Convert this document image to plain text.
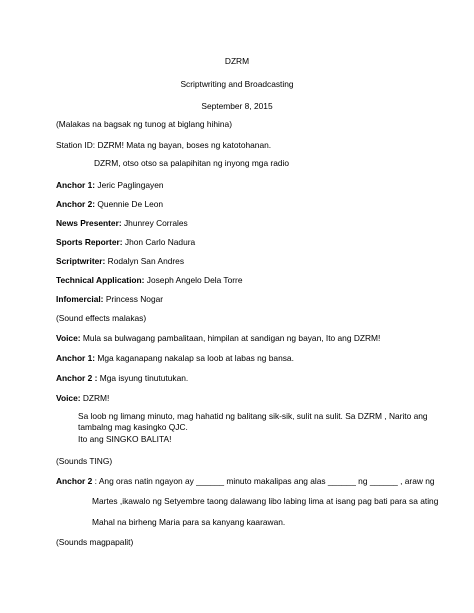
DZRM
Scriptwriting and Broadcasting
September 8, 2015
(Malakas na bagsak ng tunog at biglang hihina)
Station ID: DZRM! Mata ng bayan, boses ng katotohanan.
DZRM, otso otso sa palapihitan ng inyong mga radio
Anchor 1: Jeric Paglingayen
Anchor 2: Quennie De Leon
News Presenter: Jhunrey Corrales
Sports Reporter: Jhon Carlo Nadura
Scriptwriter: Rodalyn San Andres
Technical Application: Joseph Angelo Dela Torre
Infomercial: Princess Nogar
(Sound effects malakas)
Voice: Mula sa bulwagang pambalitaan, himpilan at sandigan ng bayan, Ito ang DZRM!
Anchor 1: Mga kaganapang nakalap sa loob at labas ng bansa.
Anchor 2 : Mga isyung tinututukan.
Voice: DZRM!
Sa loob ng limang minuto, mag hahatid ng balitang sik-sik, sulit na sulit. Sa DZRM , Narito ang
tambalng mag kasingko QJC.
Ito ang SINGKO BALITA!
(Sounds TING)
Anchor 2 : Ang oras natin ngayon ay ______ minuto makalipas ang alas ______ ng ______ , araw ng
Martes ,ikawalo ng Setyembre taong dalawang libo labing lima at isang pag bati para sa ating
Mahal na birheng Maria para sa kanyang kaarawan.
(Sounds magpapalit)
